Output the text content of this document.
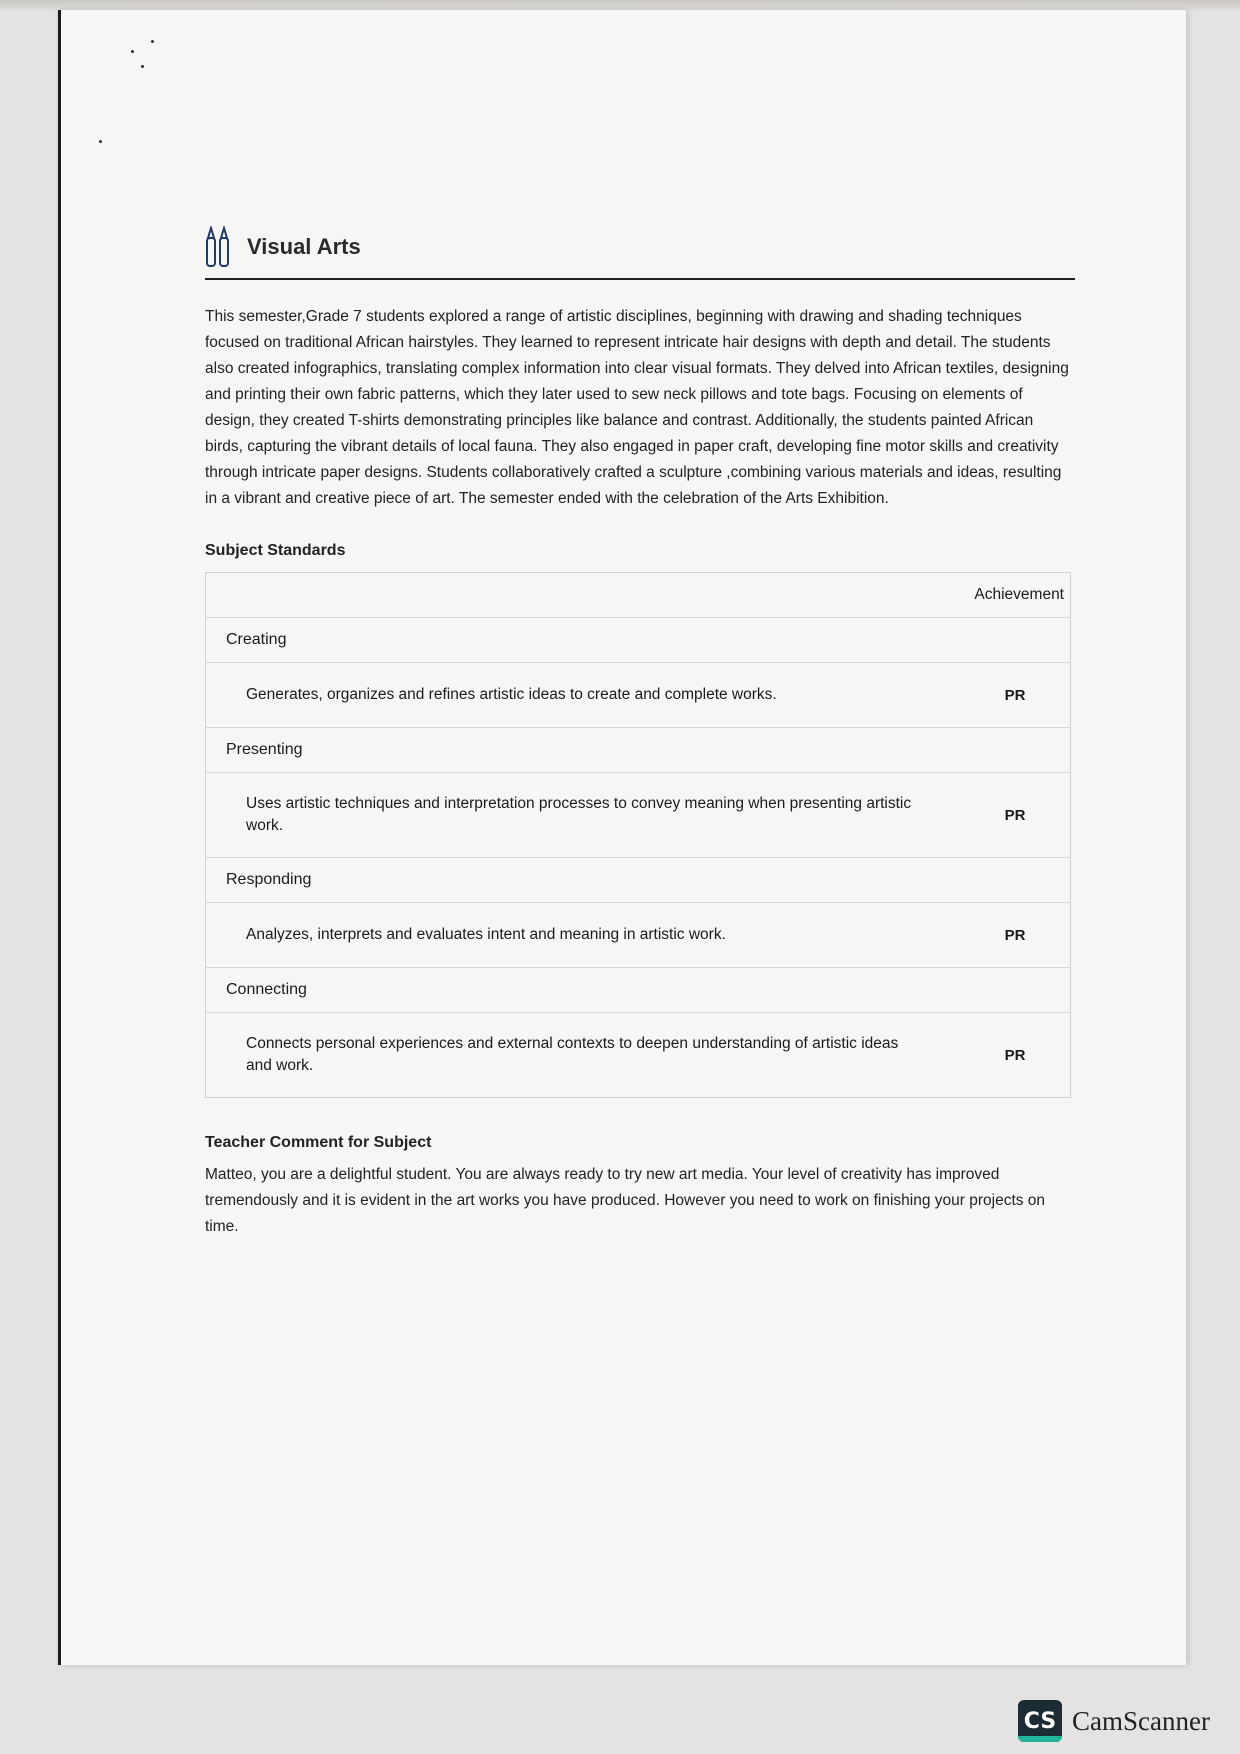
Visual Arts
This semester,Grade 7 students explored a range of artistic disciplines, beginning with drawing and shading techniques focused on traditional African hairstyles. They learned to represent intricate hair designs with depth and detail. The students also created infographics, translating complex information into clear visual formats. They delved into African textiles, designing and printing their own fabric patterns, which they later used to sew neck pillows and tote bags. Focusing on elements of design, they created T-shirts demonstrating principles like balance and contrast. Additionally, the students painted African birds, capturing the vibrant details of local fauna. They also engaged in paper craft, developing fine motor skills and creativity through intricate paper designs. Students collaboratively crafted a sculpture ,combining various materials and ideas, resulting in a vibrant and creative piece of art. The semester ended with the celebration of the Arts Exhibition.
Subject Standards
	Achievement
Creating	
Generates, organizes and refines artistic ideas to create and complete works.	PR
Presenting	
Uses artistic techniques and interpretation processes to convey meaning when presenting artistic work.	PR
Responding	
Analyzes, interprets and evaluates intent and meaning in artistic work.	PR
Connecting	
Connects personal experiences and external contexts to deepen understanding of artistic ideas and work.	PR
Teacher Comment for Subject
Matteo, you are a delightful student. You are always ready to try new art media. Your level of creativity has improved tremendously and it is evident in the art works you have produced. However you need to work on finishing your projects on time.
CS CamScanner
